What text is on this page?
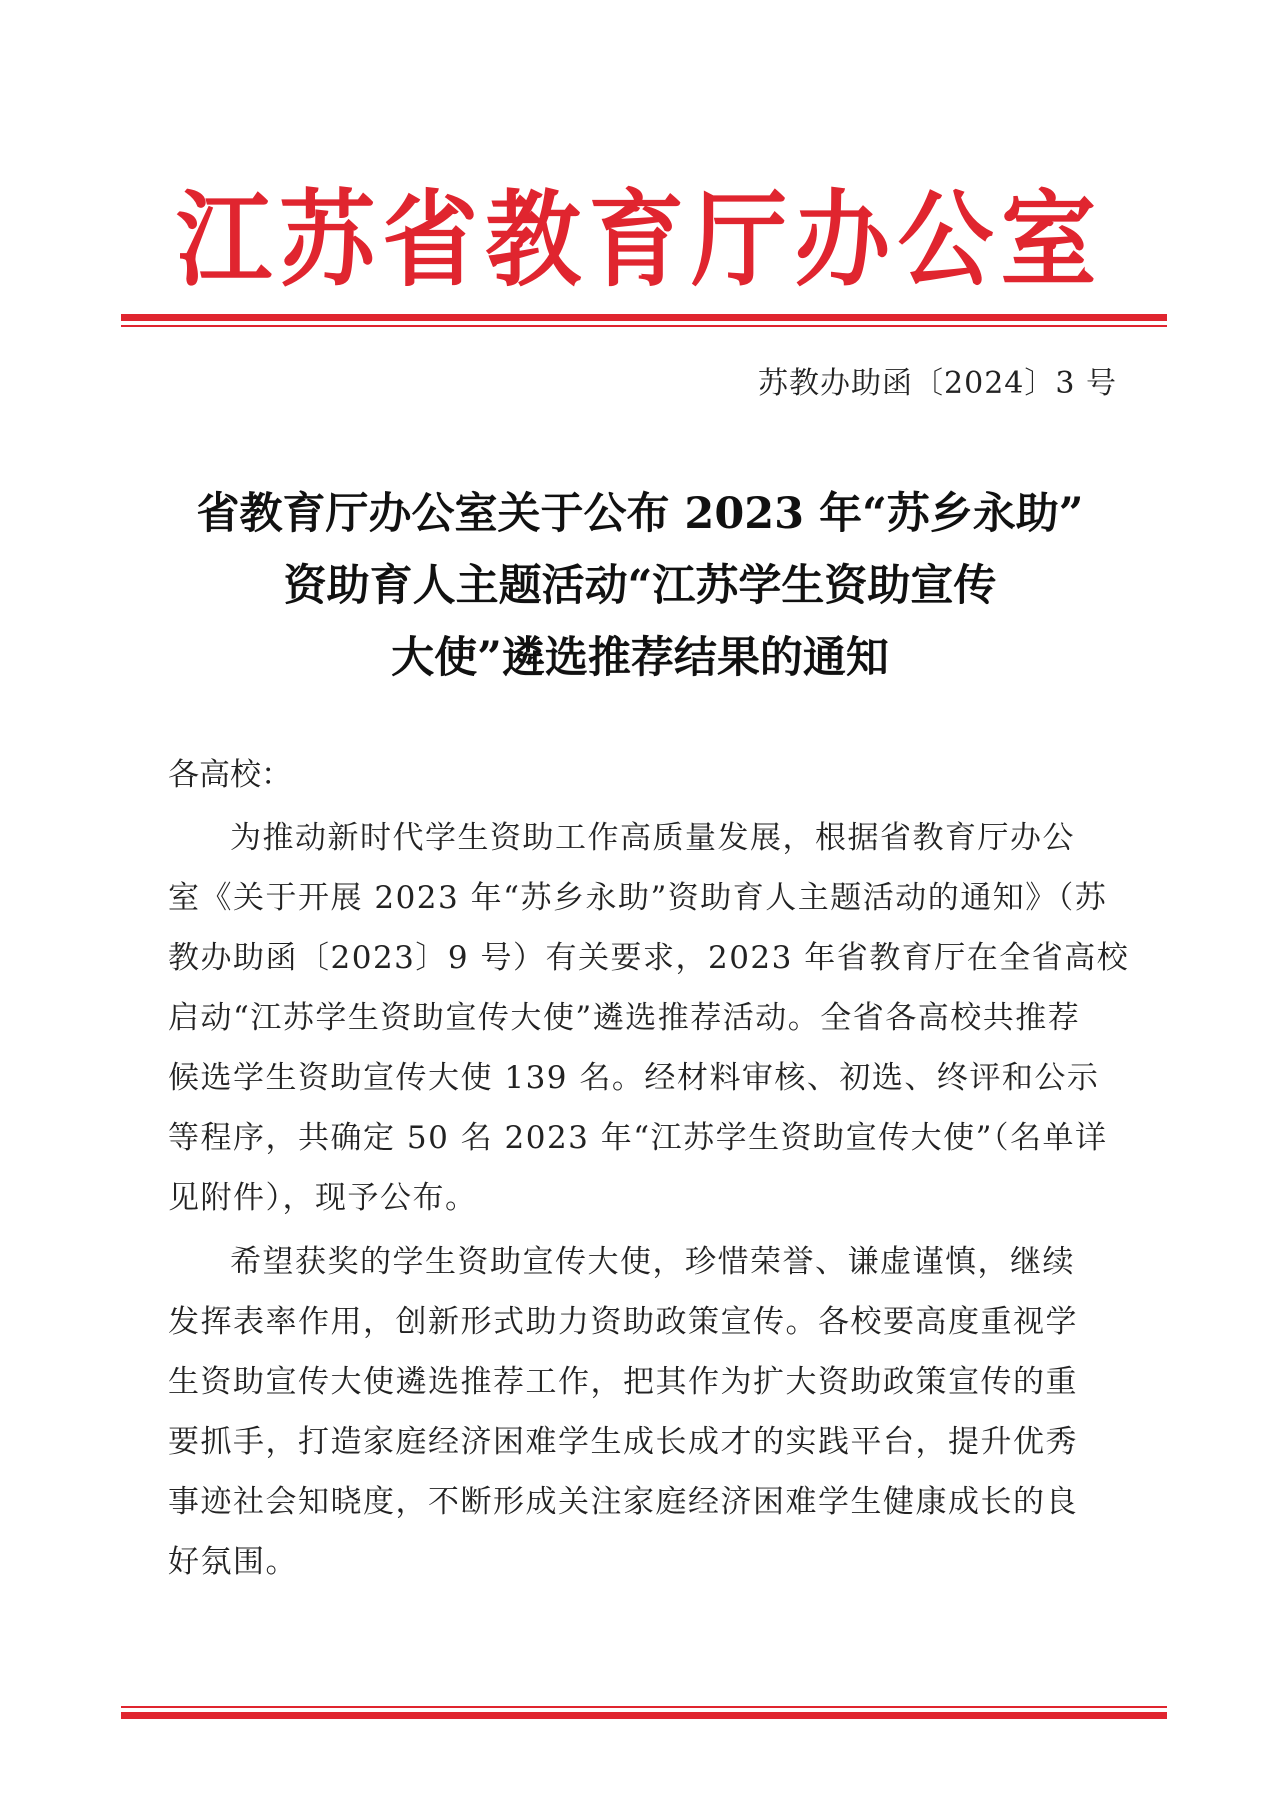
江苏省教育厅办公室
苏教办助函〔2024〕3 号
省教育厅办公室关于公布 2023 年“苏乡永助”
资助育人主题活动“江苏学生资助宣传
大使”遴选推荐结果的通知
各高校：
为推动新时代学生资助工作高质量发展，根据省教育厅办公
室《关于开展 2023 年“苏乡永助”资助育人主题活动的通知》（苏
教办助函〔2023〕9 号）有关要求，2023 年省教育厅在全省高校
启动“江苏学生资助宣传大使”遴选推荐活动。全省各高校共推荐
候选学生资助宣传大使 139 名。经材料审核、初选、终评和公示
等程序，共确定 50 名 2023 年“江苏学生资助宣传大使”（名单详
见附件），现予公布。
希望获奖的学生资助宣传大使，珍惜荣誉、谦虚谨慎，继续
发挥表率作用，创新形式助力资助政策宣传。各校要高度重视学
生资助宣传大使遴选推荐工作，把其作为扩大资助政策宣传的重
要抓手，打造家庭经济困难学生成长成才的实践平台，提升优秀
事迹社会知晓度，不断形成关注家庭经济困难学生健康成长的良
好氛围。
